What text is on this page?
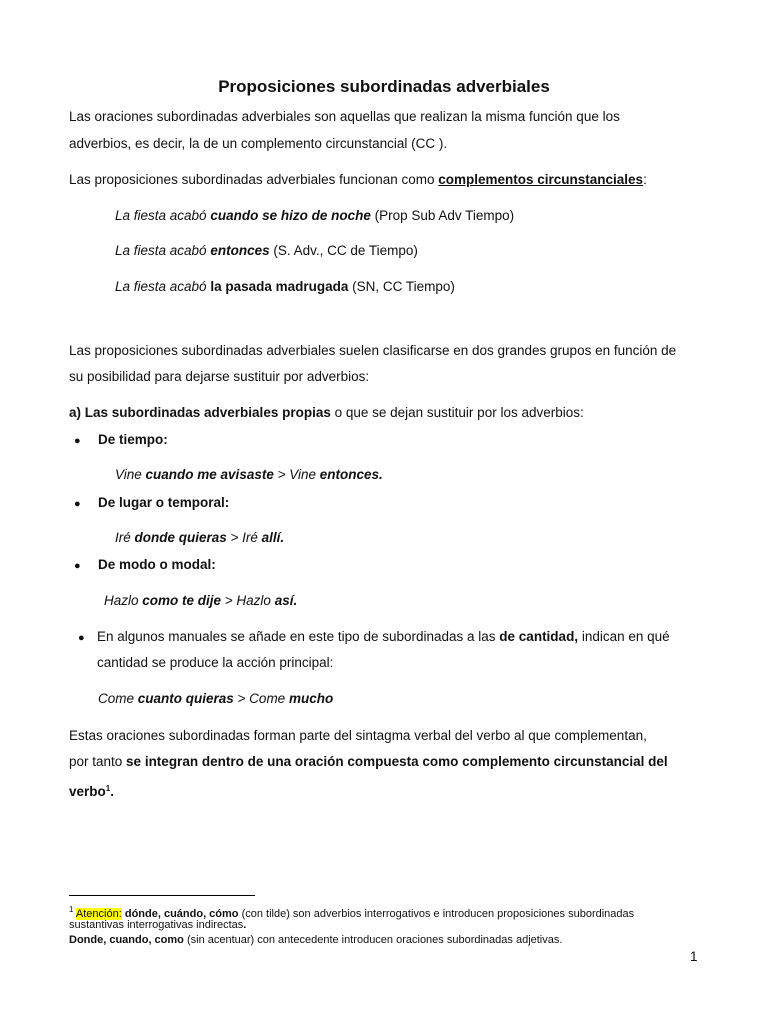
Proposiciones subordinadas adverbiales
Las oraciones subordinadas adverbiales son aquellas que realizan la misma función que los
adverbios, es decir, la de un complemento circunstancial (CC ).
Las proposiciones subordinadas adverbiales funcionan como complementos circunstanciales:
La fiesta acabó cuando se hizo de noche (Prop Sub Adv Tiempo)
La fiesta acabó entonces (S. Adv., CC de Tiempo)
La fiesta acabó la pasada madrugada (SN, CC Tiempo)
Las proposiciones subordinadas adverbiales suelen clasificarse en dos grandes grupos en función de
su posibilidad para dejarse sustituir por adverbios:
a) Las subordinadas adverbiales propias o que se dejan sustituir por los adverbios:
● De tiempo:
Vine cuando me avisaste > Vine entonces.
● De lugar o temporal:
Iré donde quieras > Iré allí.
● De modo o modal:
Hazlo como te dije > Hazlo así.
● En algunos manuales se añade en este tipo de subordinadas a las de cantidad, indican en qué
cantidad se produce la acción principal:
Come cuanto quieras > Come mucho
Estas oraciones subordinadas forman parte del sintagma verbal del verbo al que complementan,
por tanto se integran dentro de una oración compuesta como complemento circunstancial del
verbo$^1$.
$^1$ Atención: dónde, cuándo, cómo (con tilde) son adverbios interrogativos e introducen proposiciones subordinadas
sustantivas interrogativas indirectas.
Donde, cuando, como (sin acentuar) con antecedente introducen oraciones subordinadas adjetivas.
1
